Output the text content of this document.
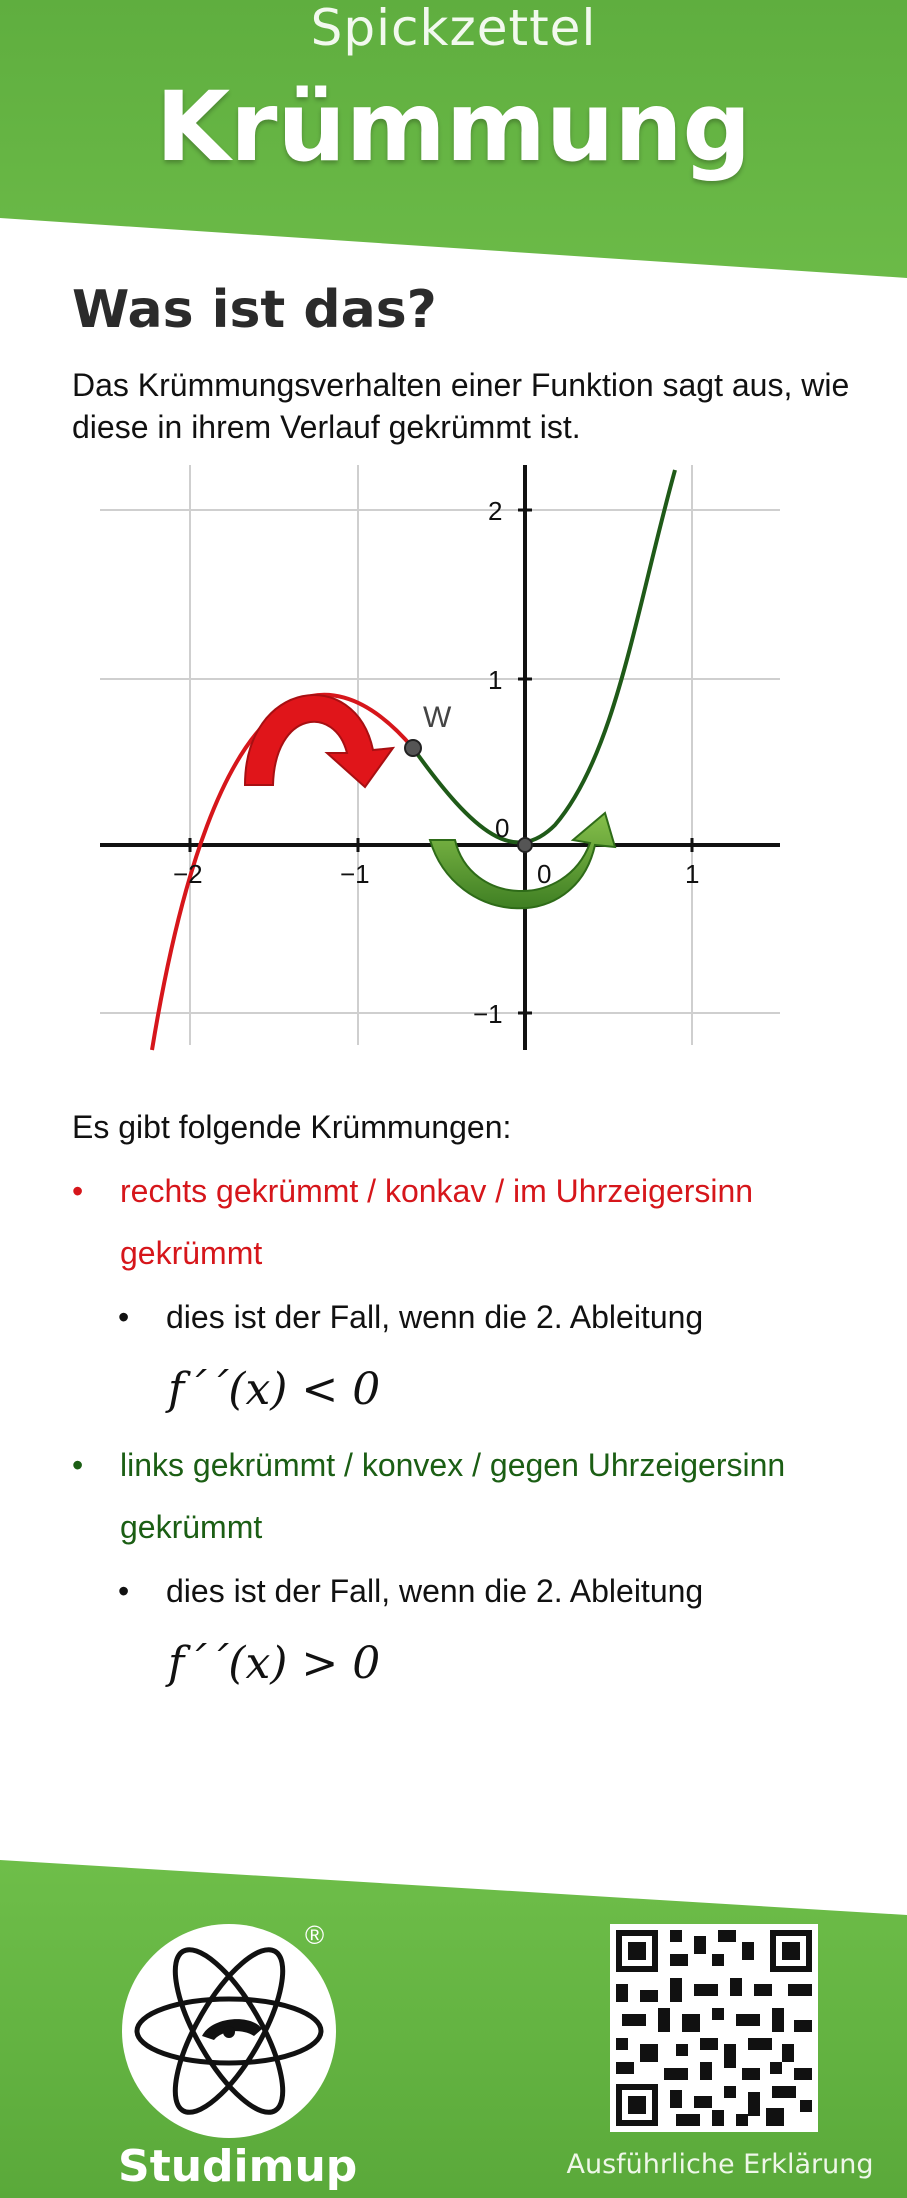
Spickzettel
Krümmung
Was ist das?
Das Krümmungsverhalten einer Funktion sagt aus, wie diese in ihrem Verlauf gekrümmt ist.
−2	−1	0	1
2
1
0
−1
W
Es gibt folgende Krümmungen:
• rechts gekrümmt / konkav / im Uhrzeigersinn gekrümmt
• dies ist der Fall, wenn die 2. Ableitung
f´´(x) < 0
• links gekrümmt / konvex / gegen Uhrzeigersinn gekrümmt
• dies ist der Fall, wenn die 2. Ableitung
f´´(x) > 0
®
Studimup	Ausführliche Erklärung
